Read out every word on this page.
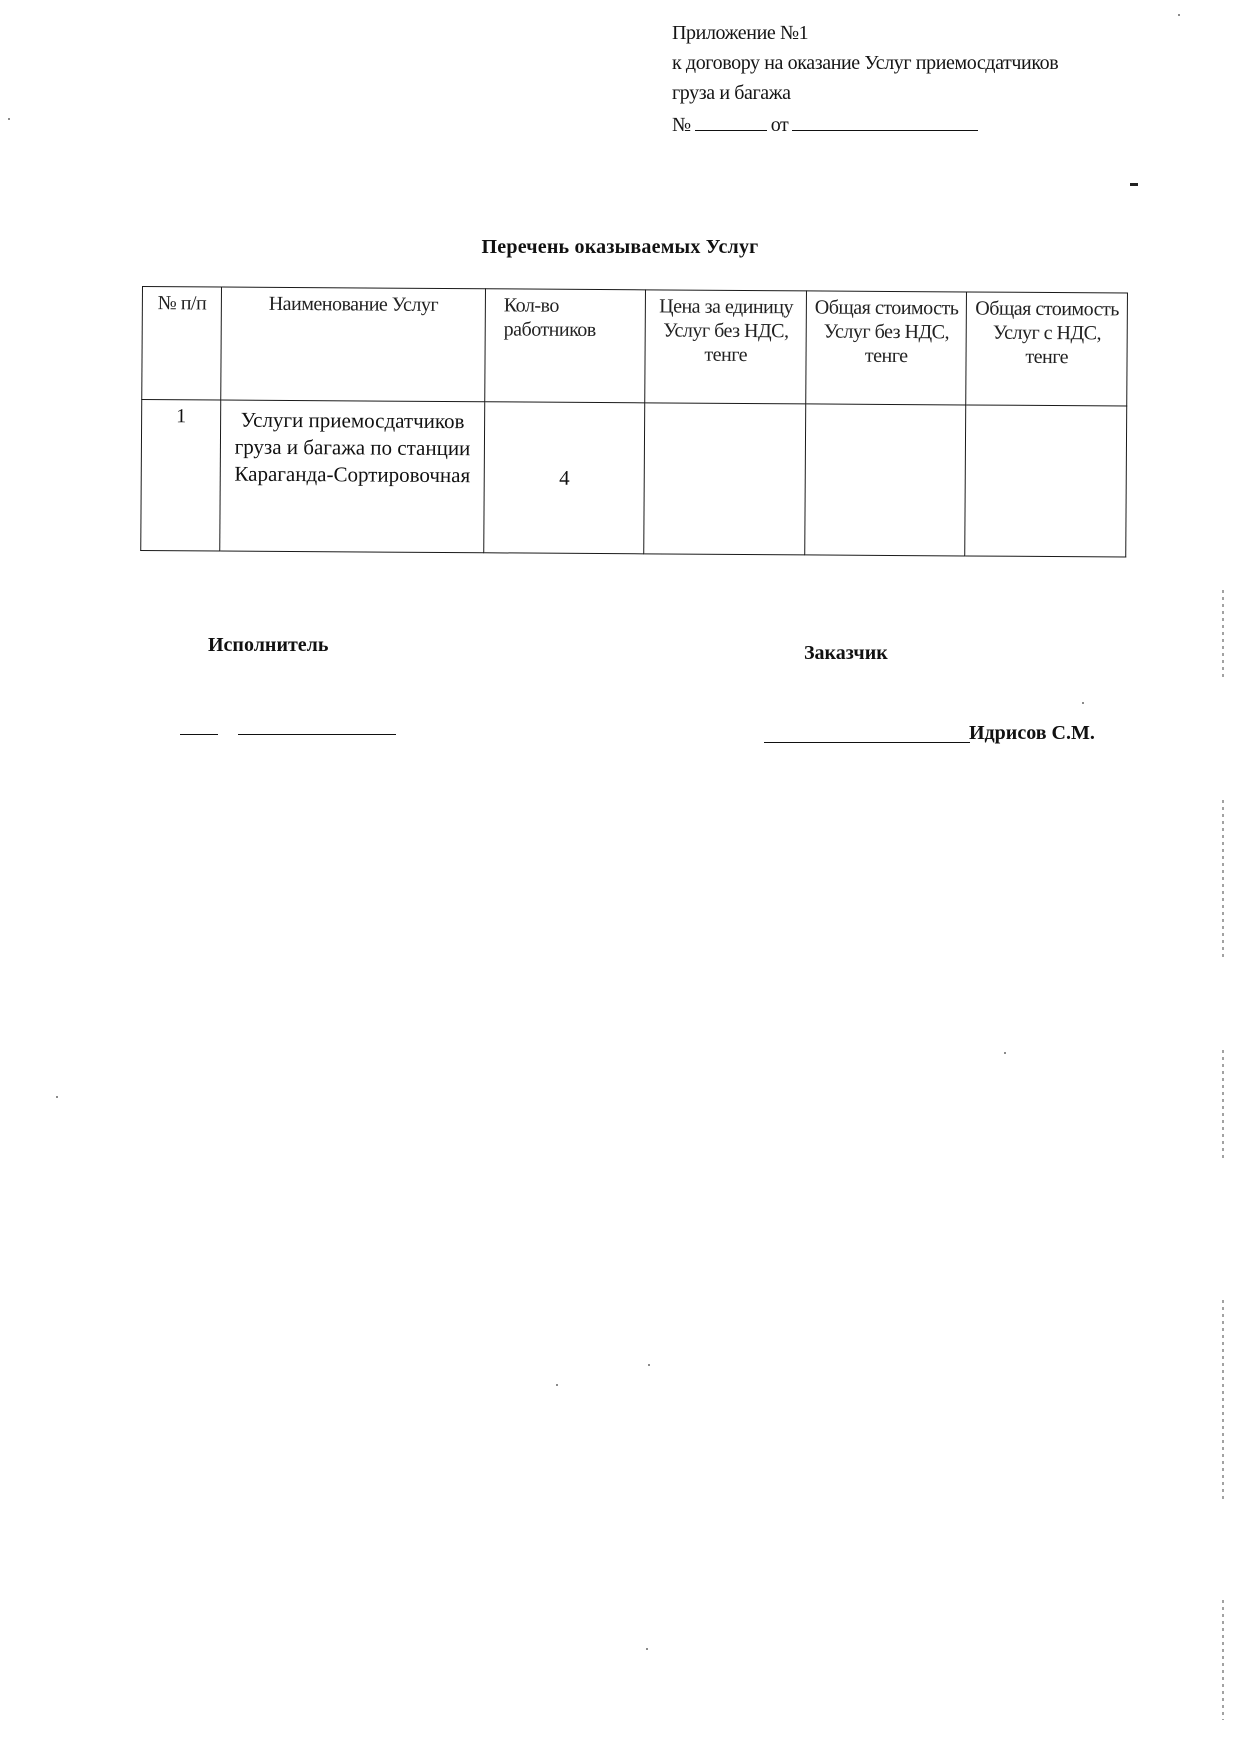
Приложение №1
к договору на оказание Услуг приемосдатчиков
груза и багажа
№	от
Перечень оказываемых Услуг
№ п/п	Наименование Услуг	Кол-во работников	Цена за единицу Услуг без НДС, тенге	Общая стоимость Услуг без НДС, тенге	Общая стоимость Услуг с НДС, тенге
1	Услуги приемосдатчиков груза и багажа по станции Караганда-Сортировочная	4			
Исполнитель	Заказчик
Идрисов С.М.
